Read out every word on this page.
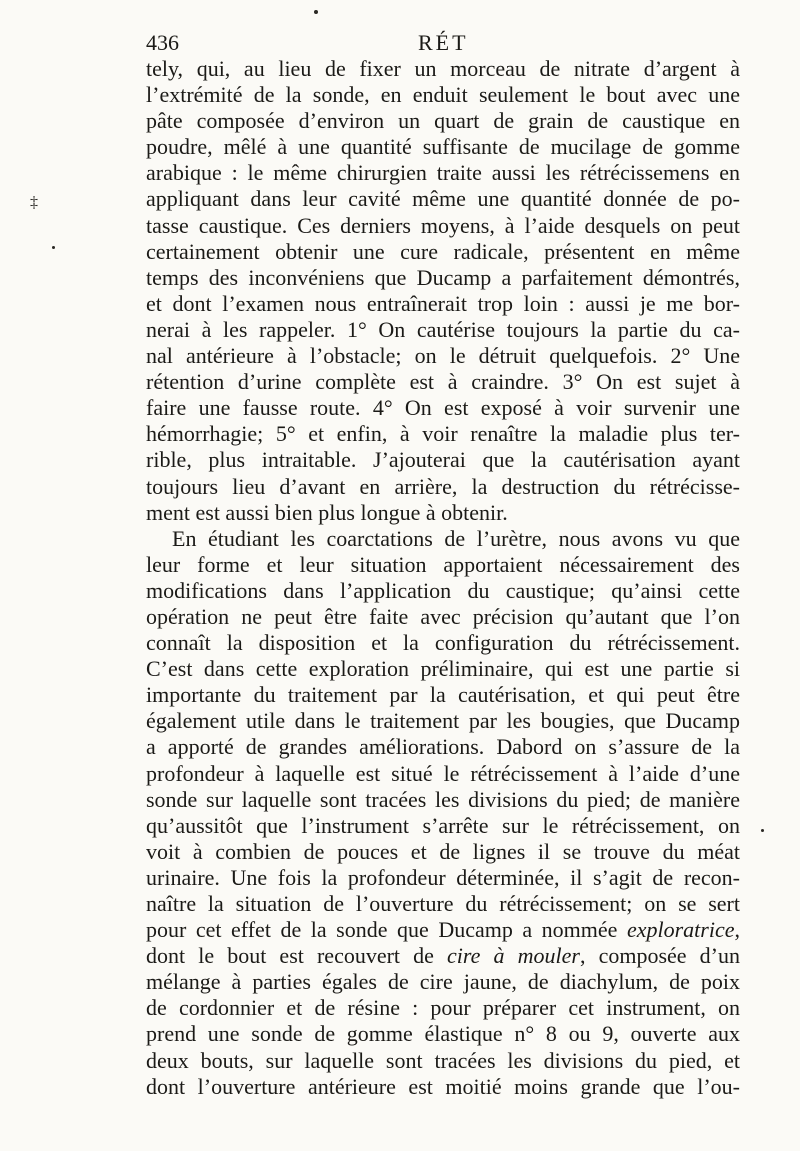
436	RÉT
‡
tely, qui, au lieu de fixer un morceau de nitrate d’argent à
l’extrémité de la sonde, en enduit seulement le bout avec une
pâte composée d’environ un quart de grain de caustique en
poudre, mêlé à une quantité suffisante de mucilage de gomme
arabique : le même chirurgien traite aussi les rétrécissemens en
appliquant dans leur cavité même une quantité donnée de po-
tasse caustique. Ces derniers moyens, à l’aide desquels on peut
certainement obtenir une cure radicale, présentent en même
temps des inconvéniens que Ducamp a parfaitement démontrés,
et dont l’examen nous entraînerait trop loin : aussi je me bor-
nerai à les rappeler. 1° On cautérise toujours la partie du ca-
nal antérieure à l’obstacle; on le détruit quelquefois. 2° Une
rétention d’urine complète est à craindre. 3° On est sujet à
faire une fausse route. 4° On est exposé à voir survenir une
hémorrhagie; 5° et enfin, à voir renaître la maladie plus ter-
rible, plus intraitable. J’ajouterai que la cautérisation ayant
toujours lieu d’avant en arrière, la destruction du rétrécisse-
ment est aussi bien plus longue à obtenir.
En étudiant les coarctations de l’urètre, nous avons vu que
leur forme et leur situation apportaient nécessairement des
modifications dans l’application du caustique; qu’ainsi cette
opération ne peut être faite avec précision qu’autant que l’on
connaît la disposition et la configuration du rétrécissement.
C’est dans cette exploration préliminaire, qui est une partie si
importante du traitement par la cautérisation, et qui peut être
également utile dans le traitement par les bougies, que Ducamp
a apporté de grandes améliorations. Dabord on s’assure de la
profondeur à laquelle est situé le rétrécissement à l’aide d’une
sonde sur laquelle sont tracées les divisions du pied; de manière
qu’aussitôt que l’instrument s’arrête sur le rétrécissement, on
voit à combien de pouces et de lignes il se trouve du méat
urinaire. Une fois la profondeur déterminée, il s’agit de recon-
naître la situation de l’ouverture du rétrécissement; on se sert
pour cet effet de la sonde que Ducamp a nommée exploratrice,
dont le bout est recouvert de cire à mouler, composée d’un
mélange à parties égales de cire jaune, de diachylum, de poix
de cordonnier et de résine : pour préparer cet instrument, on
prend une sonde de gomme élastique n° 8 ou 9, ouverte aux
deux bouts, sur laquelle sont tracées les divisions du pied, et
dont l’ouverture antérieure est moitié moins grande que l’ou-
